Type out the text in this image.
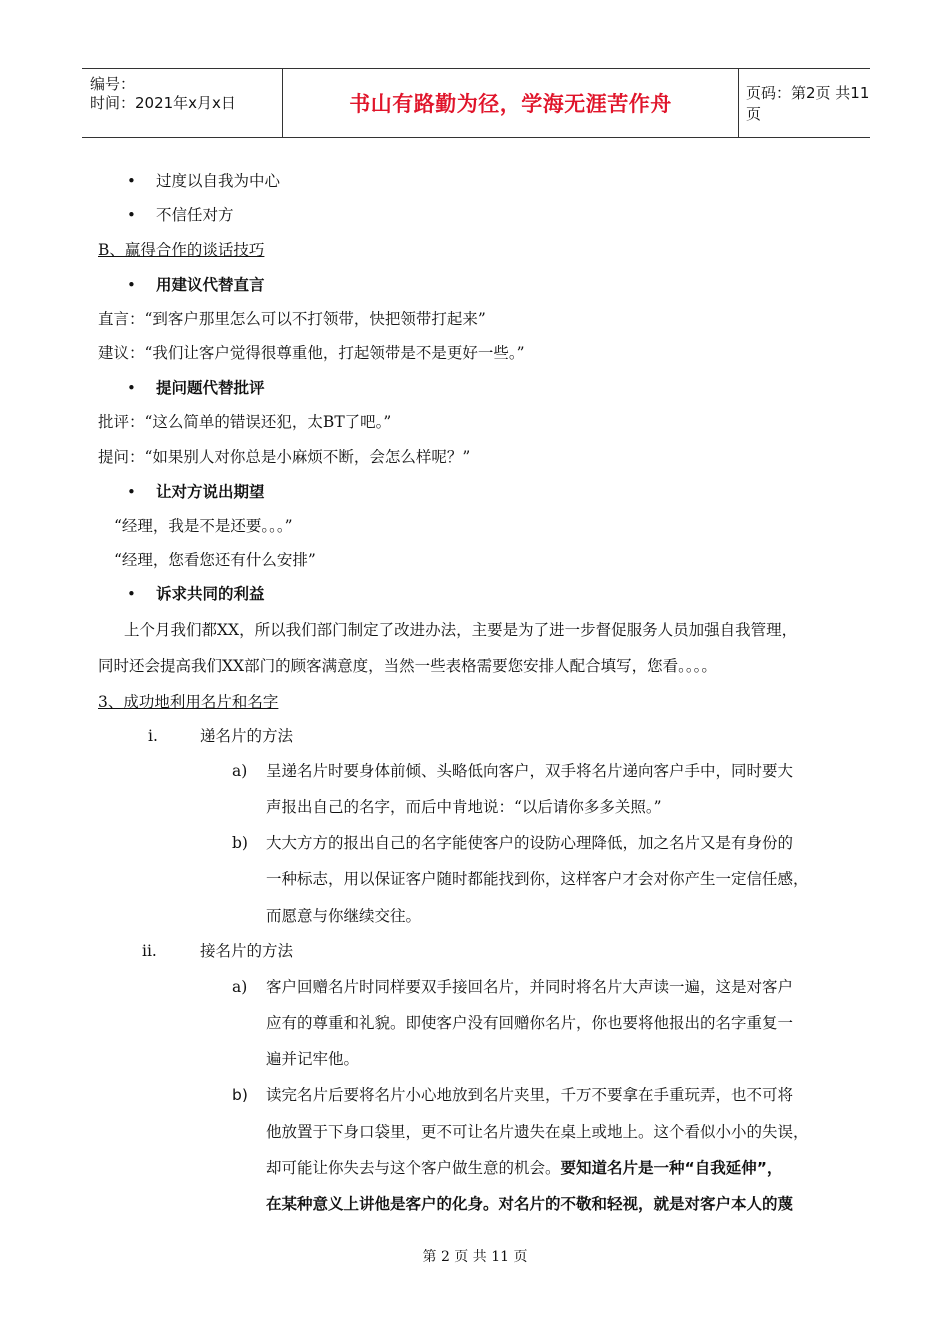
编号：
时间：2021年x月x日	书山有路勤为径，学海无涯苦作舟	页码：第2页 共11页
• 过度以自我为中心
• 不信任对方
B、赢得合作的谈话技巧
• 用建议代替直言
直言：“到客户那里怎么可以不打领带，快把领带打起来”
建议：“我们让客户觉得很尊重他，打起领带是不是更好一些。”
• 提问题代替批评
批评：“这么简单的错误还犯，太BT了吧。”
提问：“如果别人对你总是小麻烦不断，会怎么样呢？”
• 让对方说出期望
“经理，我是不是还要。。。”
“经理，您看您还有什么安排”
• 诉求共同的利益
上个月我们都XX，所以我们部门制定了改进办法，主要是为了进一步督促服务人员加强自我管理，
同时还会提高我们XX部门的顾客满意度，当然一些表格需要您安排人配合填写，您看。。。。
3、成功地利用名片和名字
i.	递名片的方法
a) 呈递名片时要身体前倾、头略低向客户，双手将名片递向客户手中，同时要大
声报出自己的名字，而后中肯地说：“以后请你多多关照。”
b) 大大方方的报出自己的名字能使客户的设防心理降低，加之名片又是有身份的
一种标志，用以保证客户随时都能找到你，这样客户才会对你产生一定信任感，
而愿意与你继续交往。
ii.	接名片的方法
a) 客户回赠名片时同样要双手接回名片，并同时将名片大声读一遍，这是对客户
应有的尊重和礼貌。即使客户没有回赠你名片，你也要将他报出的名字重复一
遍并记牢他。
b) 读完名片后要将名片小心地放到名片夹里，千万不要拿在手重玩弄，也不可将
他放置于下身口袋里，更不可让名片遗失在桌上或地上。这个看似小小的失误，
却可能让你失去与这个客户做生意的机会。要知道名片是一种“自我延伸”，
在某种意义上讲他是客户的化身。对名片的不敬和轻视，就是对客户本人的蔑
第 2 页 共 11 页
